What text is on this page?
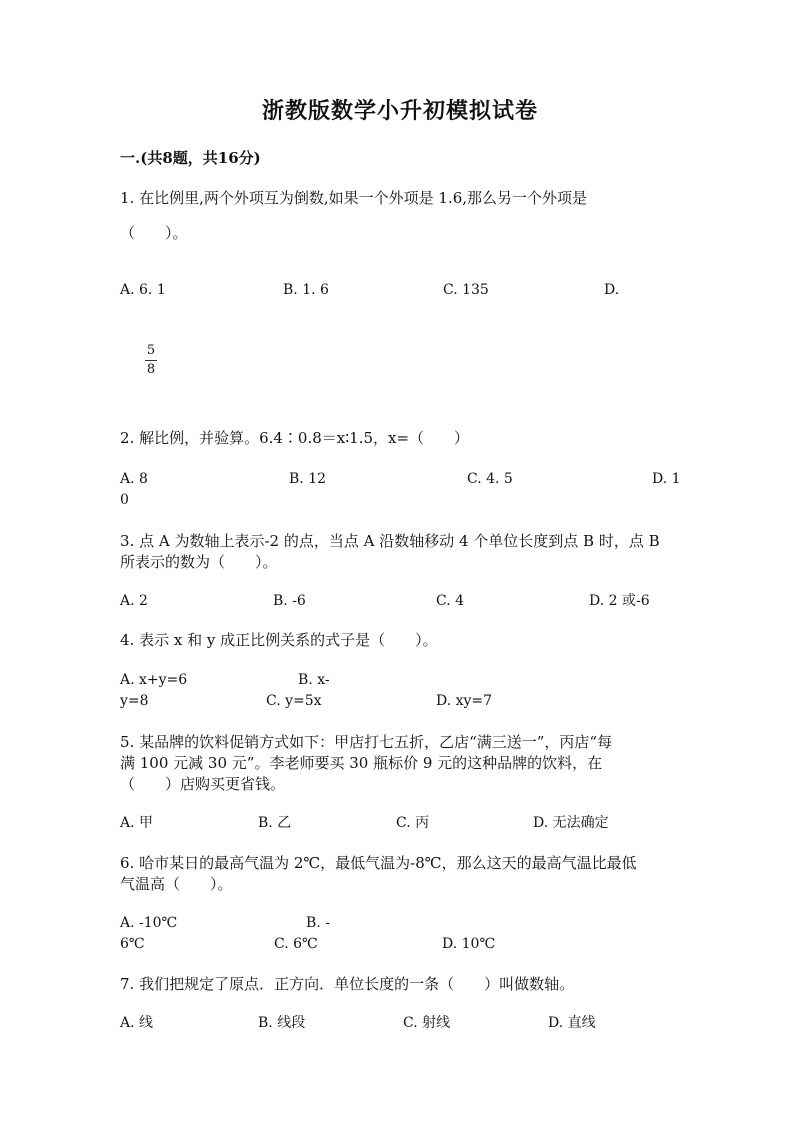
浙教版数学小升初模拟试卷
一.(共8题，共16分)
1. 在比例里,两个外项互为倒数,如果一个外项是 1.6,那么另一个外项是
（　　）。
A. 6. 1	B. 1. 6	C. 135	D.
5
8
2. 解比例，并验算。6.4∶0.8＝x∶1.5，x=（　　）
A. 8	B. 12	C. 4. 5	D. 1
0
3. 点 A 为数轴上表示-2 的点，当点 A 沿数轴移动 4 个单位长度到点 B 时，点 B
所表示的数为（　　）。
A. 2	B. -6	C. 4	D. 2 或-6
4. 表示 x 和 y 成正比例关系的式子是（　　）。
A. x+y=6	B. x-
y=8	C. y=5x	D. xy=7
5. 某品牌的饮料促销方式如下：甲店打七五折，乙店“满三送一”，丙店“每
满 100 元减 30 元”。李老师要买 30 瓶标价 9 元的这种品牌的饮料，在
（　　）店购买更省钱。
A. 甲	B. 乙	C. 丙	D. 无法确定
6. 哈市某日的最高气温为 2℃，最低气温为-8℃，那么这天的最高气温比最低
气温高（　　）。
A. -10℃	B. -
6℃	C. 6℃	D. 10℃
7. 我们把规定了原点．正方向．单位长度的一条（　　）叫做数轴。
A. 线	B. 线段	C. 射线	D. 直线
